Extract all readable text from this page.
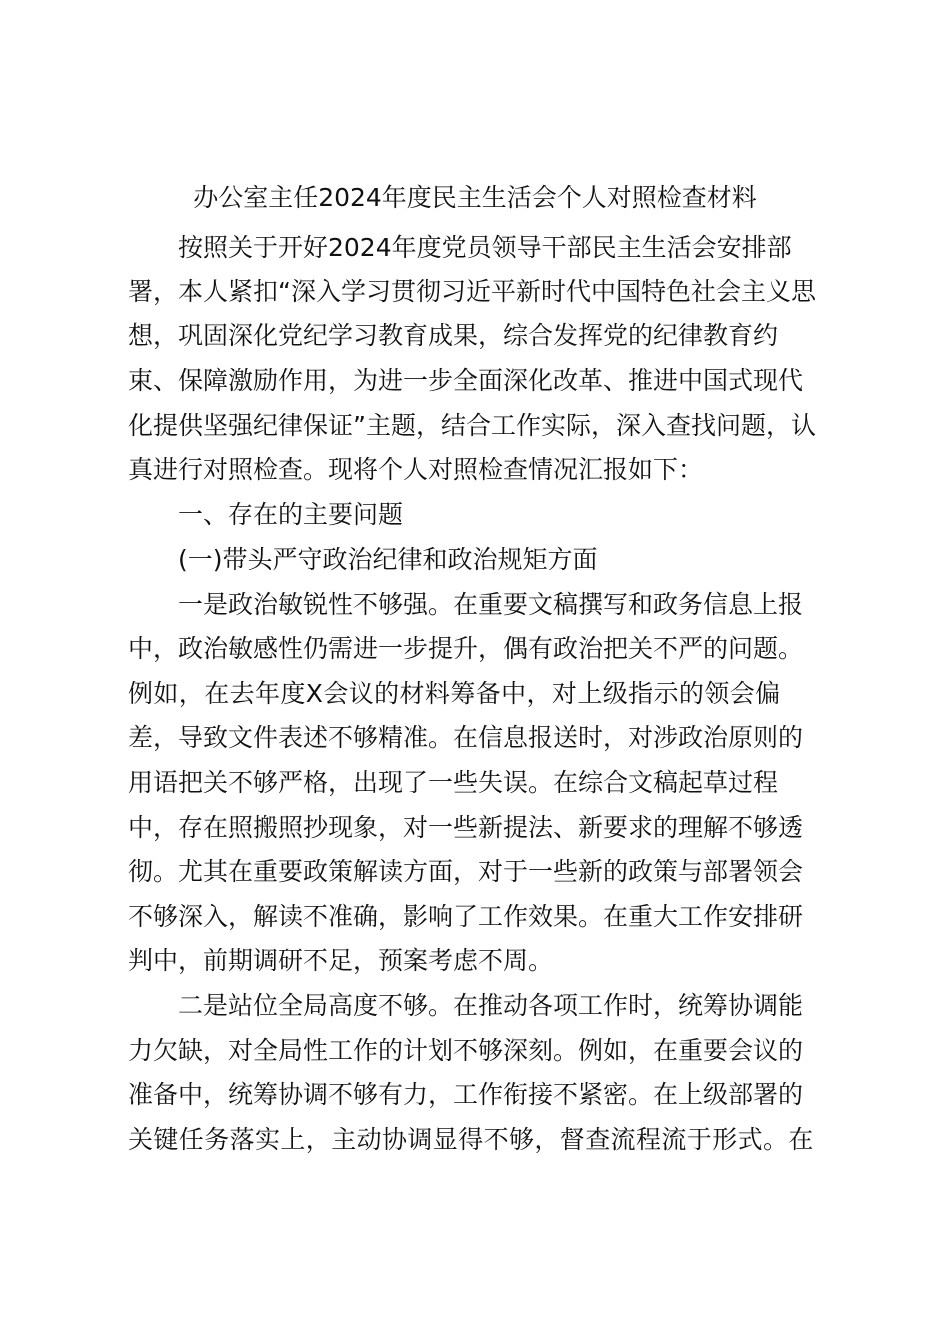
办公室主任2024年度民主生活会个人对照检查材料

按照关于开好2024年度党员领导干部民主生活会安排部

署，本人紧扣“深入学习贯彻习近平新时代中国特色社会主义思

想，巩固深化党纪学习教育成果，综合发挥党的纪律教育约

束、保障激励作用，为进一步全面深化改革、推进中国式现代

化提供坚强纪律保证”主题，结合工作实际，深入查找问题，认

真进行对照检查。现将个人对照检查情况汇报如下：

一、存在的主要问题

(一)带头严守政治纪律和政治规矩方面

一是政治敏锐性不够强。在重要文稿撰写和政务信息上报

中，政治敏感性仍需进一步提升，偶有政治把关不严的问题。

例如，在去年度X会议的材料筹备中，对上级指示的领会偏

差，导致文件表述不够精准。在信息报送时，对涉政治原则的

用语把关不够严格，出现了一些失误。在综合文稿起草过程

中，存在照搬照抄现象，对一些新提法、新要求的理解不够透

彻。尤其在重要政策解读方面，对于一些新的政策与部署领会

不够深入，解读不准确，影响了工作效果。在重大工作安排研

判中，前期调研不足，预案考虑不周。

二是站位全局高度不够。在推动各项工作时，统筹协调能

力欠缺，对全局性工作的计划不够深刻。例如，在重要会议的

准备中，统筹协调不够有力，工作衔接不紧密。在上级部署的

关键任务落实上，主动协调显得不够，督查流程流于形式。在
